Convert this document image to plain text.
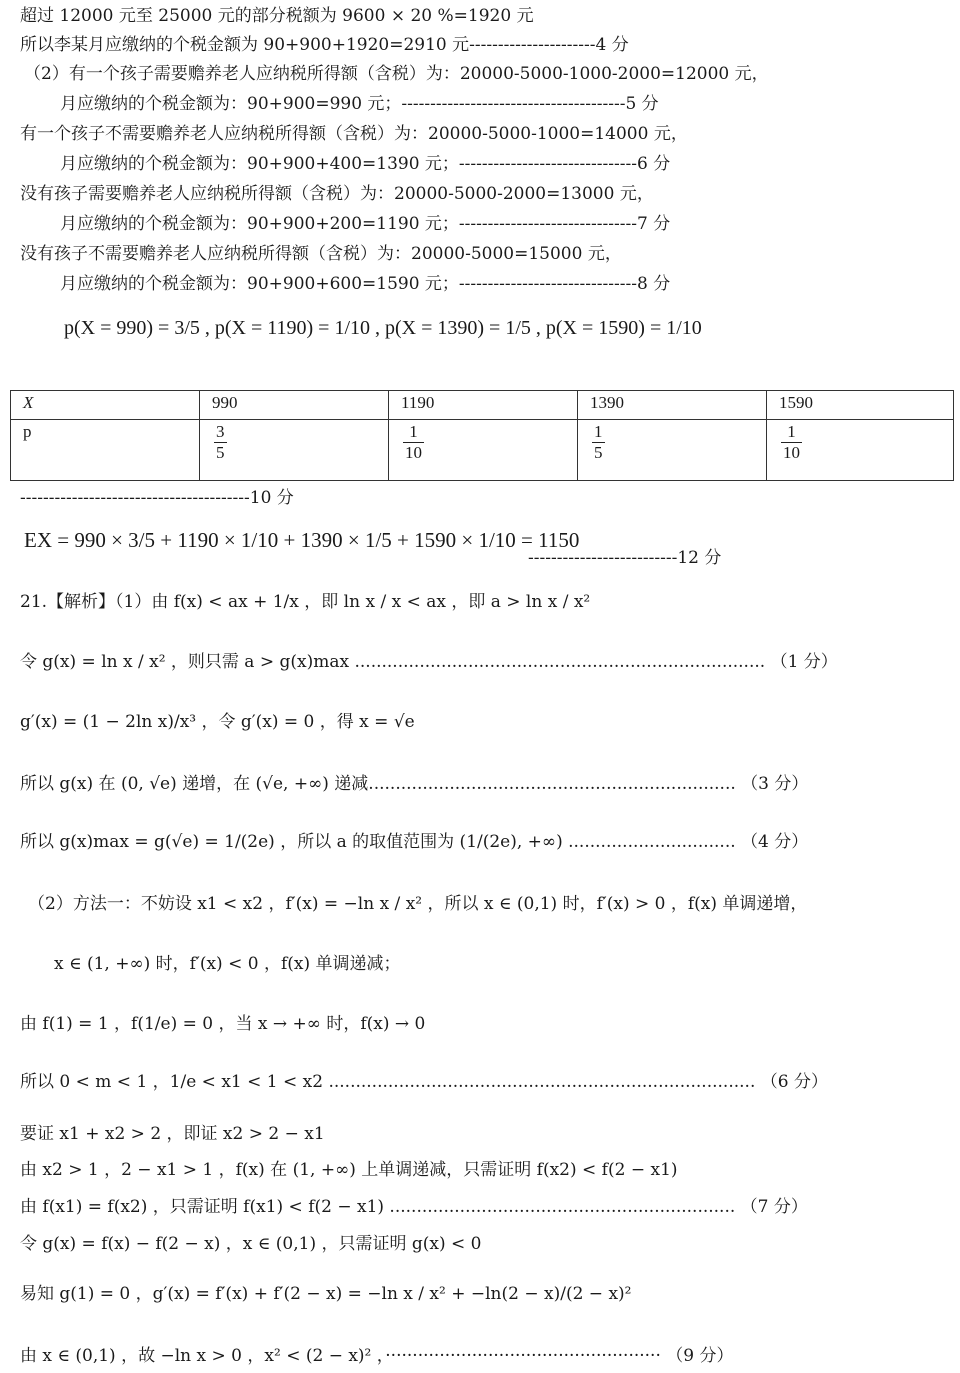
超过 12000 元至 25000 元的部分税额为 9600 × 20 %=1920 元
所以李某月应缴纳的个税金额为 90+900+1920=2910 元----------------------4 分
（2）有一个孩子需要赡养老人应纳税所得额（含税）为：20000-5000-1000-2000=12000 元，
月应缴纳的个税金额为：90+900=990 元；---------------------------------------5 分
有一个孩子不需要赡养老人应纳税所得额（含税）为：20000-5000-1000=14000 元，
月应缴纳的个税金额为：90+900+400=1390 元；-------------------------------6 分
没有孩子需要赡养老人应纳税所得额（含税）为：20000-5000-2000=13000 元，
月应缴纳的个税金额为：90+900+200=1190 元；-------------------------------7 分
没有孩子不需要赡养老人应纳税所得额（含税）为：20000-5000=15000 元，
月应缴纳的个税金额为：90+900+600=1590 元；-------------------------------8 分
p(X = 990) = 3/5 , p(X = 1190) = 1/10 , p(X = 1390) = 1/5 , p(X = 1590) = 1/10
X	990	1190	1390	1590
p	$\frac{3}{5}$	$\frac{1}{10}$	$\frac{1}{5}$	$\frac{1}{10}$
----------------------------------------10 分
EX = 990 × 3/5 + 1190 × 1/10 + 1390 × 1/5 + 1590 × 1/10 = 1150
--------------------------12 分
21.【解析】（1）由 f(x) < ax + 1/x ，即 ln x / x < ax ，即 a > ln x / x²
令 g(x) = ln x / x² ，则只需 a > g(x)max ............................................................................ （1 分）
g′(x) = (1 − 2ln x)/x³ ，令 g′(x) = 0 ，得 x = √e
所以 g(x) 在 (0, √e) 递增，在 (√e, +∞) 递减.................................................................... （3 分）
所以 g(x)max = g(√e) = 1/(2e) ，所以 a 的取值范围为 (1/(2e), +∞) ............................... （4 分）
（2）方法一：不妨设 x1 < x2 ，f′(x) = −ln x / x² ，所以 x ∈ (0,1) 时，f′(x) > 0 ，f(x) 单调递增，
x ∈ (1, +∞) 时，f′(x) < 0 ，f(x) 单调递减；
由 f(1) = 1 ，f(1/e) = 0 ，当 x → +∞ 时，f(x) → 0
所以 0 < m < 1 ，1/e < x1 < 1 < x2 ............................................................................... （6 分）
要证 x1 + x2 > 2 ，即证 x2 > 2 − x1
由 x2 > 1 ，2 − x1 > 1 ，f(x) 在 (1, +∞) 上单调递减，只需证明 f(x2) < f(2 − x1)
由 f(x1) = f(x2) ，只需证明 f(x1) < f(2 − x1) ................................................................ （7 分）
令 g(x) = f(x) − f(2 − x) ，x ∈ (0,1) ，只需证明 g(x) < 0
易知 g(1) = 0 ，g′(x) = f′(x) + f′(2 − x) = −ln x / x² + −ln(2 − x)/(2 − x)²
由 x ∈ (0,1) ，故 −ln x > 0 ，x² < (2 − x)² ，··················································· （9 分）
